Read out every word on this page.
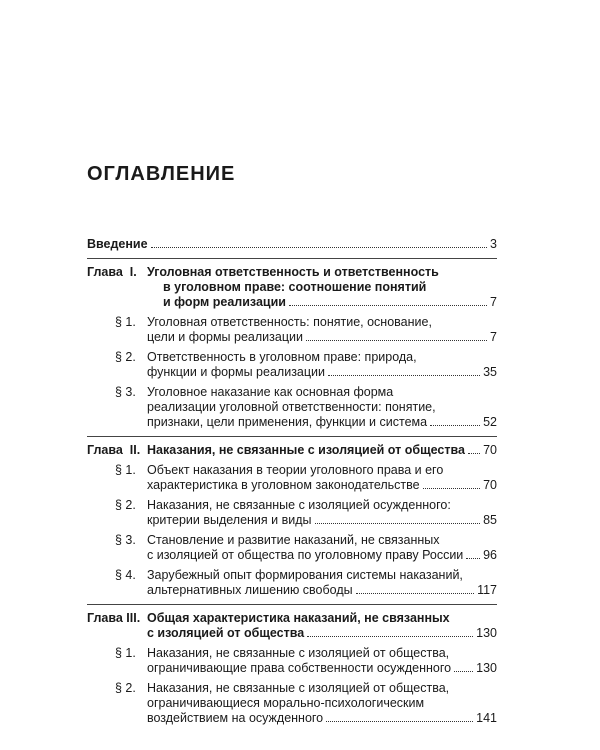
ОГЛАВЛЕНИЕ
Введение	3
Глава  I. Уголовная ответственность и ответственность
в уголовном праве: соотношение понятий
и форм реализации	7
§ 1. Уголовная ответственность: понятие, основание,
цели и формы реализации	7
§ 2. Ответственность в уголовном праве: природа,
функции и формы реализации	35
§ 3. Уголовное наказание как основная форма
реализации уголовной ответственности: понятие,
признаки, цели применения, функции и система	52
Глава  II. Наказания, не связанные с изоляцией от общества 70
§ 1. Объект наказания в теории уголовного права и его
характеристика в уголовном законодательстве	70
§ 2. Наказания, не связанные с изоляцией осужденного:
критерии выделения и виды	85
§ 3. Становление и развитие наказаний, не связанных
с изоляцией от общества по уголовному праву России 96
§ 4. Зарубежный опыт формирования системы наказаний,
альтернативных лишению свободы	117
Глава III. Общая характеристика наказаний, не связанных
с изоляцией от общества	130
§ 1. Наказания, не связанные с изоляцией от общества,
ограничивающие права собственности осужденного 130
§ 2. Наказания, не связанные с изоляцией от общества,
ограничивающиеся морально-психологическим
воздействием на осужденного	141
